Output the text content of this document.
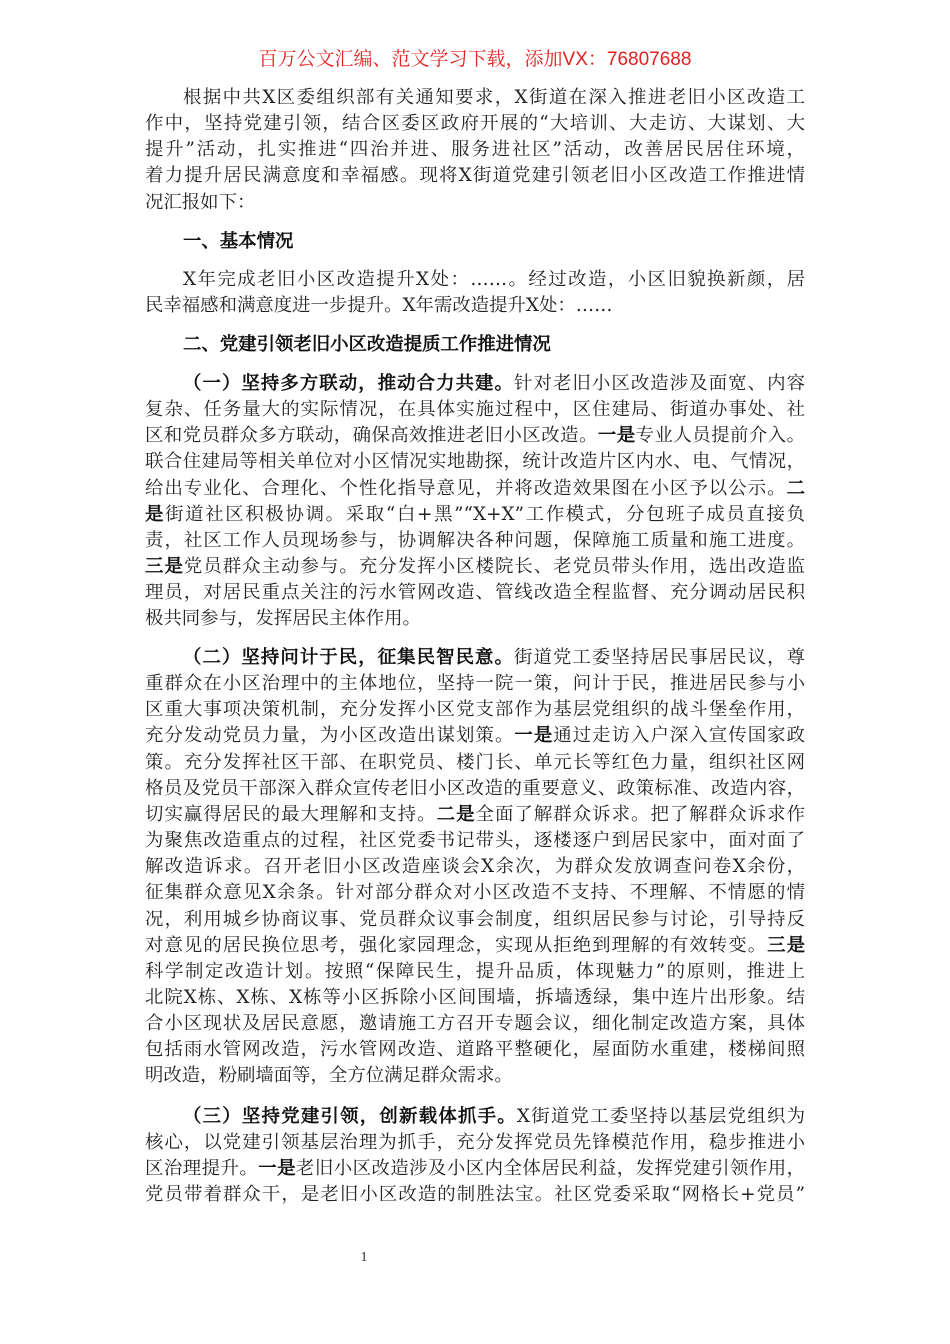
百万公文汇编、范文学习下载，添加VX：76807688
根据中共X区委组织部有关通知要求，X街道在深入推进老旧小区改造工
作中，坚持党建引领，结合区委区政府开展的“大培训、大走访、大谋划、大
提升”活动，扎实推进“四治并进、服务进社区”活动，改善居民居住环境，
着力提升居民满意度和幸福感。现将X街道党建引领老旧小区改造工作推进情
况汇报如下：
一、基本情况
X年完成老旧小区改造提升X处：……。经过改造，小区旧貌换新颜，居
民幸福感和满意度进一步提升。X年需改造提升X处：……
二、党建引领老旧小区改造提质工作推进情况
（一）坚持多方联动，推动合力共建。针对老旧小区改造涉及面宽、内容
复杂、任务量大的实际情况，在具体实施过程中，区住建局、街道办事处、社
区和党员群众多方联动，确保高效推进老旧小区改造。一是专业人员提前介入。
联合住建局等相关单位对小区情况实地勘探，统计改造片区内水、电、气情况，
给出专业化、合理化、个性化指导意见，并将改造效果图在小区予以公示。二
是街道社区积极协调。采取“白+黑”“X+X”工作模式，分包班子成员直接负
责，社区工作人员现场参与，协调解决各种问题，保障施工质量和施工进度。
三是党员群众主动参与。充分发挥小区楼院长、老党员带头作用，选出改造监
理员，对居民重点关注的污水管网改造、管线改造全程监督、充分调动居民积
极共同参与，发挥居民主体作用。
（二）坚持问计于民，征集民智民意。街道党工委坚持居民事居民议，尊
重群众在小区治理中的主体地位，坚持一院一策，问计于民，推进居民参与小
区重大事项决策机制，充分发挥小区党支部作为基层党组织的战斗堡垒作用，
充分发动党员力量，为小区改造出谋划策。一是通过走访入户深入宣传国家政
策。充分发挥社区干部、在职党员、楼门长、单元长等红色力量，组织社区网
格员及党员干部深入群众宣传老旧小区改造的重要意义、政策标准、改造内容，
切实赢得居民的最大理解和支持。二是全面了解群众诉求。把了解群众诉求作
为聚焦改造重点的过程，社区党委书记带头，逐楼逐户到居民家中，面对面了
解改造诉求。召开老旧小区改造座谈会X余次，为群众发放调查问卷X余份，
征集群众意见X余条。针对部分群众对小区改造不支持、不理解、不情愿的情
况，利用城乡协商议事、党员群众议事会制度，组织居民参与讨论，引导持反
对意见的居民换位思考，强化家园理念，实现从拒绝到理解的有效转变。三是
科学制定改造计划。按照“保障民生，提升品质，体现魅力”的原则，推进上
北院X栋、X栋、X栋等小区拆除小区间围墙，拆墙透绿，集中连片出形象。结
合小区现状及居民意愿，邀请施工方召开专题会议，细化制定改造方案，具体
包括雨水管网改造，污水管网改造、道路平整硬化，屋面防水重建，楼梯间照
明改造，粉刷墙面等，全方位满足群众需求。
（三）坚持党建引领，创新载体抓手。X街道党工委坚持以基层党组织为
核心，以党建引领基层治理为抓手，充分发挥党员先锋模范作用，稳步推进小
区治理提升。一是老旧小区改造涉及小区内全体居民利益，发挥党建引领作用，
党员带着群众干，是老旧小区改造的制胜法宝。社区党委采取“网格长+党员”
1
